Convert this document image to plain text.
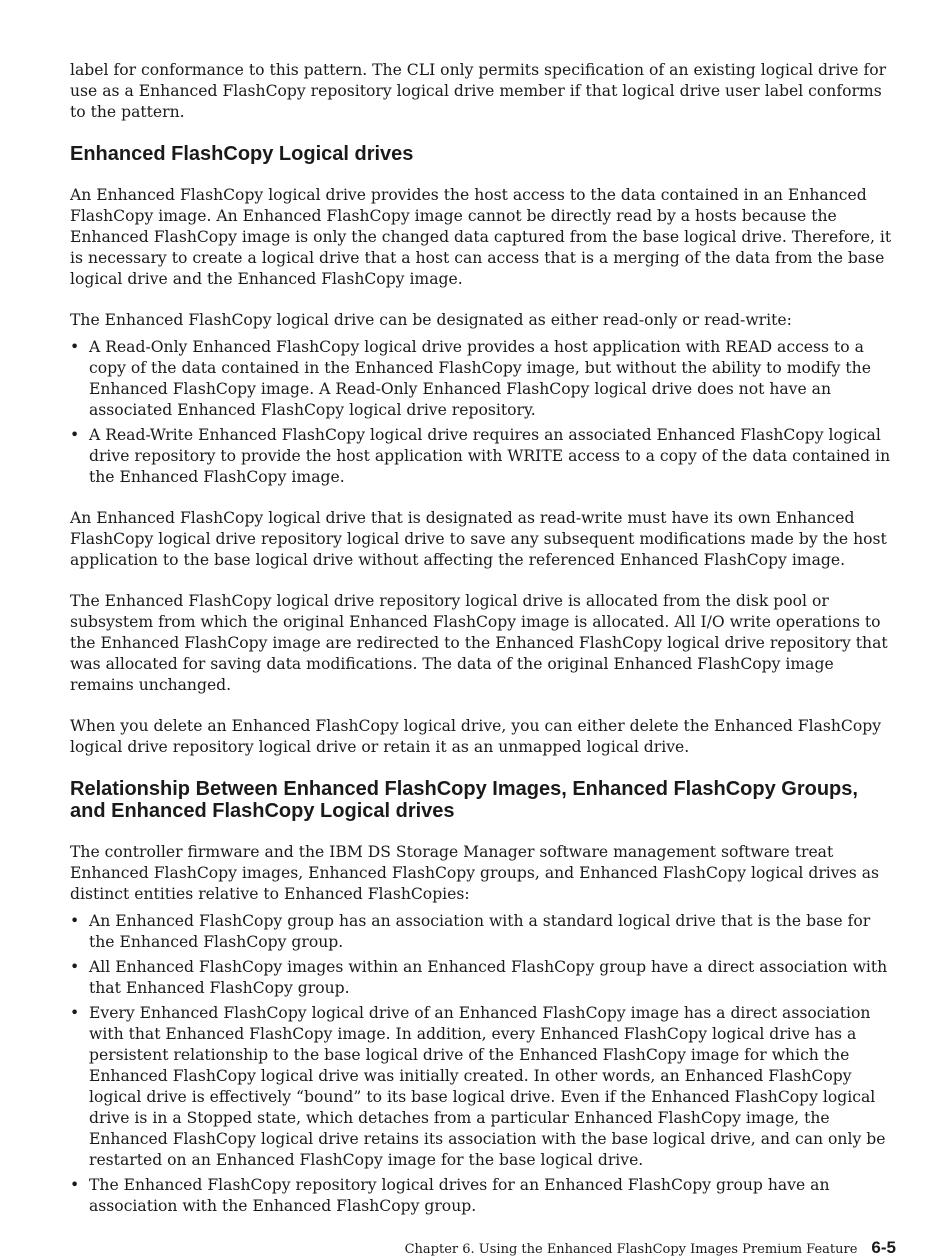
label for conformance to this pattern. The CLI only permits specification of an existing logical drive for use as a Enhanced FlashCopy repository logical drive member if that logical drive user label conforms to the pattern.

Enhanced FlashCopy Logical drives

An Enhanced FlashCopy logical drive provides the host access to the data contained in an Enhanced FlashCopy image. An Enhanced FlashCopy image cannot be directly read by a hosts because the Enhanced FlashCopy image is only the changed data captured from the base logical drive. Therefore, it is necessary to create a logical drive that a host can access that is a merging of the data from the base logical drive and the Enhanced FlashCopy image.

The Enhanced FlashCopy logical drive can be designated as either read-only or read-write:

• A Read-Only Enhanced FlashCopy logical drive provides a host application with READ access to a copy of the data contained in the Enhanced FlashCopy image, but without the ability to modify the Enhanced FlashCopy image. A Read-Only Enhanced FlashCopy logical drive does not have an associated Enhanced FlashCopy logical drive repository.
• A Read-Write Enhanced FlashCopy logical drive requires an associated Enhanced FlashCopy logical drive repository to provide the host application with WRITE access to a copy of the data contained in the Enhanced FlashCopy image.

An Enhanced FlashCopy logical drive that is designated as read-write must have its own Enhanced FlashCopy logical drive repository logical drive to save any subsequent modifications made by the host application to the base logical drive without affecting the referenced Enhanced FlashCopy image.

The Enhanced FlashCopy logical drive repository logical drive is allocated from the disk pool or subsystem from which the original Enhanced FlashCopy image is allocated. All I/O write operations to the Enhanced FlashCopy image are redirected to the Enhanced FlashCopy logical drive repository that was allocated for saving data modifications. The data of the original Enhanced FlashCopy image remains unchanged.

When you delete an Enhanced FlashCopy logical drive, you can either delete the Enhanced FlashCopy logical drive repository logical drive or retain it as an unmapped logical drive.

Relationship Between Enhanced FlashCopy Images, Enhanced FlashCopy Groups, and Enhanced FlashCopy Logical drives

The controller firmware and the IBM DS Storage Manager software management software treat Enhanced FlashCopy images, Enhanced FlashCopy groups, and Enhanced FlashCopy logical drives as distinct entities relative to Enhanced FlashCopies:

• An Enhanced FlashCopy group has an association with a standard logical drive that is the base for the Enhanced FlashCopy group.
• All Enhanced FlashCopy images within an Enhanced FlashCopy group have a direct association with that Enhanced FlashCopy group.
• Every Enhanced FlashCopy logical drive of an Enhanced FlashCopy image has a direct association with that Enhanced FlashCopy image. In addition, every Enhanced FlashCopy logical drive has a persistent relationship to the base logical drive of the Enhanced FlashCopy image for which the Enhanced FlashCopy logical drive was initially created. In other words, an Enhanced FlashCopy logical drive is effectively “bound” to its base logical drive. Even if the Enhanced FlashCopy logical drive is in a Stopped state, which detaches from a particular Enhanced FlashCopy image, the Enhanced FlashCopy logical drive retains its association with the base logical drive, and can only be restarted on an Enhanced FlashCopy image for the base logical drive.
• The Enhanced FlashCopy repository logical drives for an Enhanced FlashCopy group have an association with the Enhanced FlashCopy group.
Chapter 6. Using the Enhanced FlashCopy Images Premium Feature 6-5
